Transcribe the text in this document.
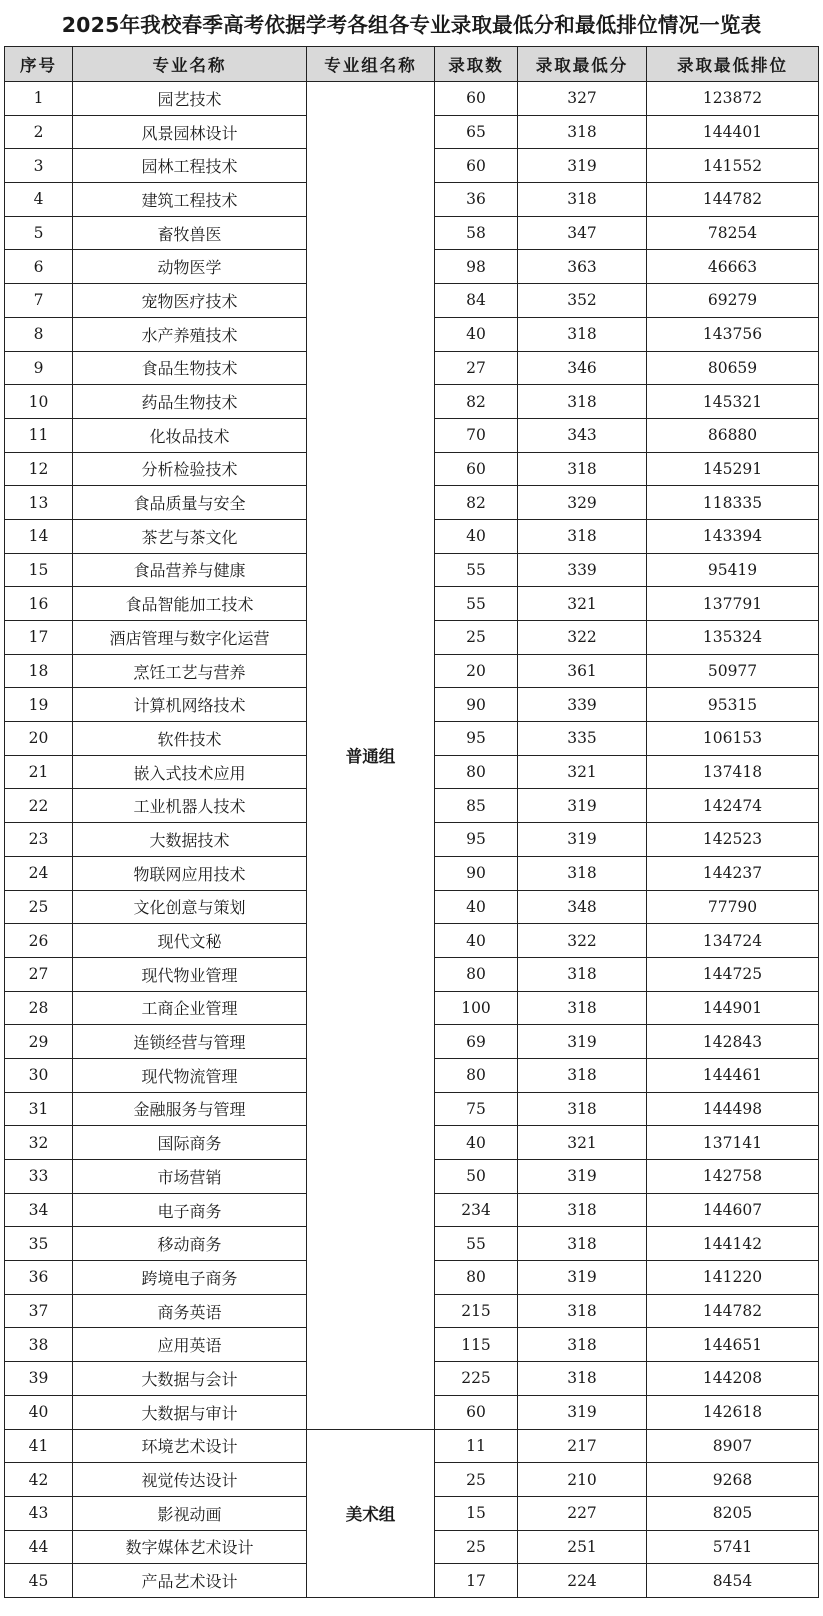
2025年我校春季高考依据学考各组各专业录取最低分和最低排位情况一览表
序号	专业名称	专业组名称	录取数	录取最低分	录取最低排位
1	园艺技术	普通组	60	327	123872
2	风景园林设计		65	318	144401
3	园林工程技术		60	319	141552
4	建筑工程技术		36	318	144782
5	畜牧兽医		58	347	78254
6	动物医学		98	363	46663
7	宠物医疗技术		84	352	69279
8	水产养殖技术		40	318	143756
9	食品生物技术		27	346	80659
10	药品生物技术		82	318	145321
11	化妆品技术		70	343	86880
12	分析检验技术		60	318	145291
13	食品质量与安全		82	329	118335
14	茶艺与茶文化		40	318	143394
15	食品营养与健康		55	339	95419
16	食品智能加工技术		55	321	137791
17	酒店管理与数字化运营		25	322	135324
18	烹饪工艺与营养		20	361	50977
19	计算机网络技术		90	339	95315
20	软件技术		95	335	106153
21	嵌入式技术应用		80	321	137418
22	工业机器人技术		85	319	142474
23	大数据技术		95	319	142523
24	物联网应用技术		90	318	144237
25	文化创意与策划		40	348	77790
26	现代文秘		40	322	134724
27	现代物业管理		80	318	144725
28	工商企业管理		100	318	144901
29	连锁经营与管理		69	319	142843
30	现代物流管理		80	318	144461
31	金融服务与管理		75	318	144498
32	国际商务		40	321	137141
33	市场营销		50	319	142758
34	电子商务		234	318	144607
35	移动商务		55	318	144142
36	跨境电子商务		80	319	141220
37	商务英语		215	318	144782
38	应用英语		115	318	144651
39	大数据与会计		225	318	144208
40	大数据与审计		60	319	142618
41	环境艺术设计	美术组	11	217	8907
42	视觉传达设计		25	210	9268
43	影视动画		15	227	8205
44	数字媒体艺术设计		25	251	5741
45	产品艺术设计		17	224	8454
